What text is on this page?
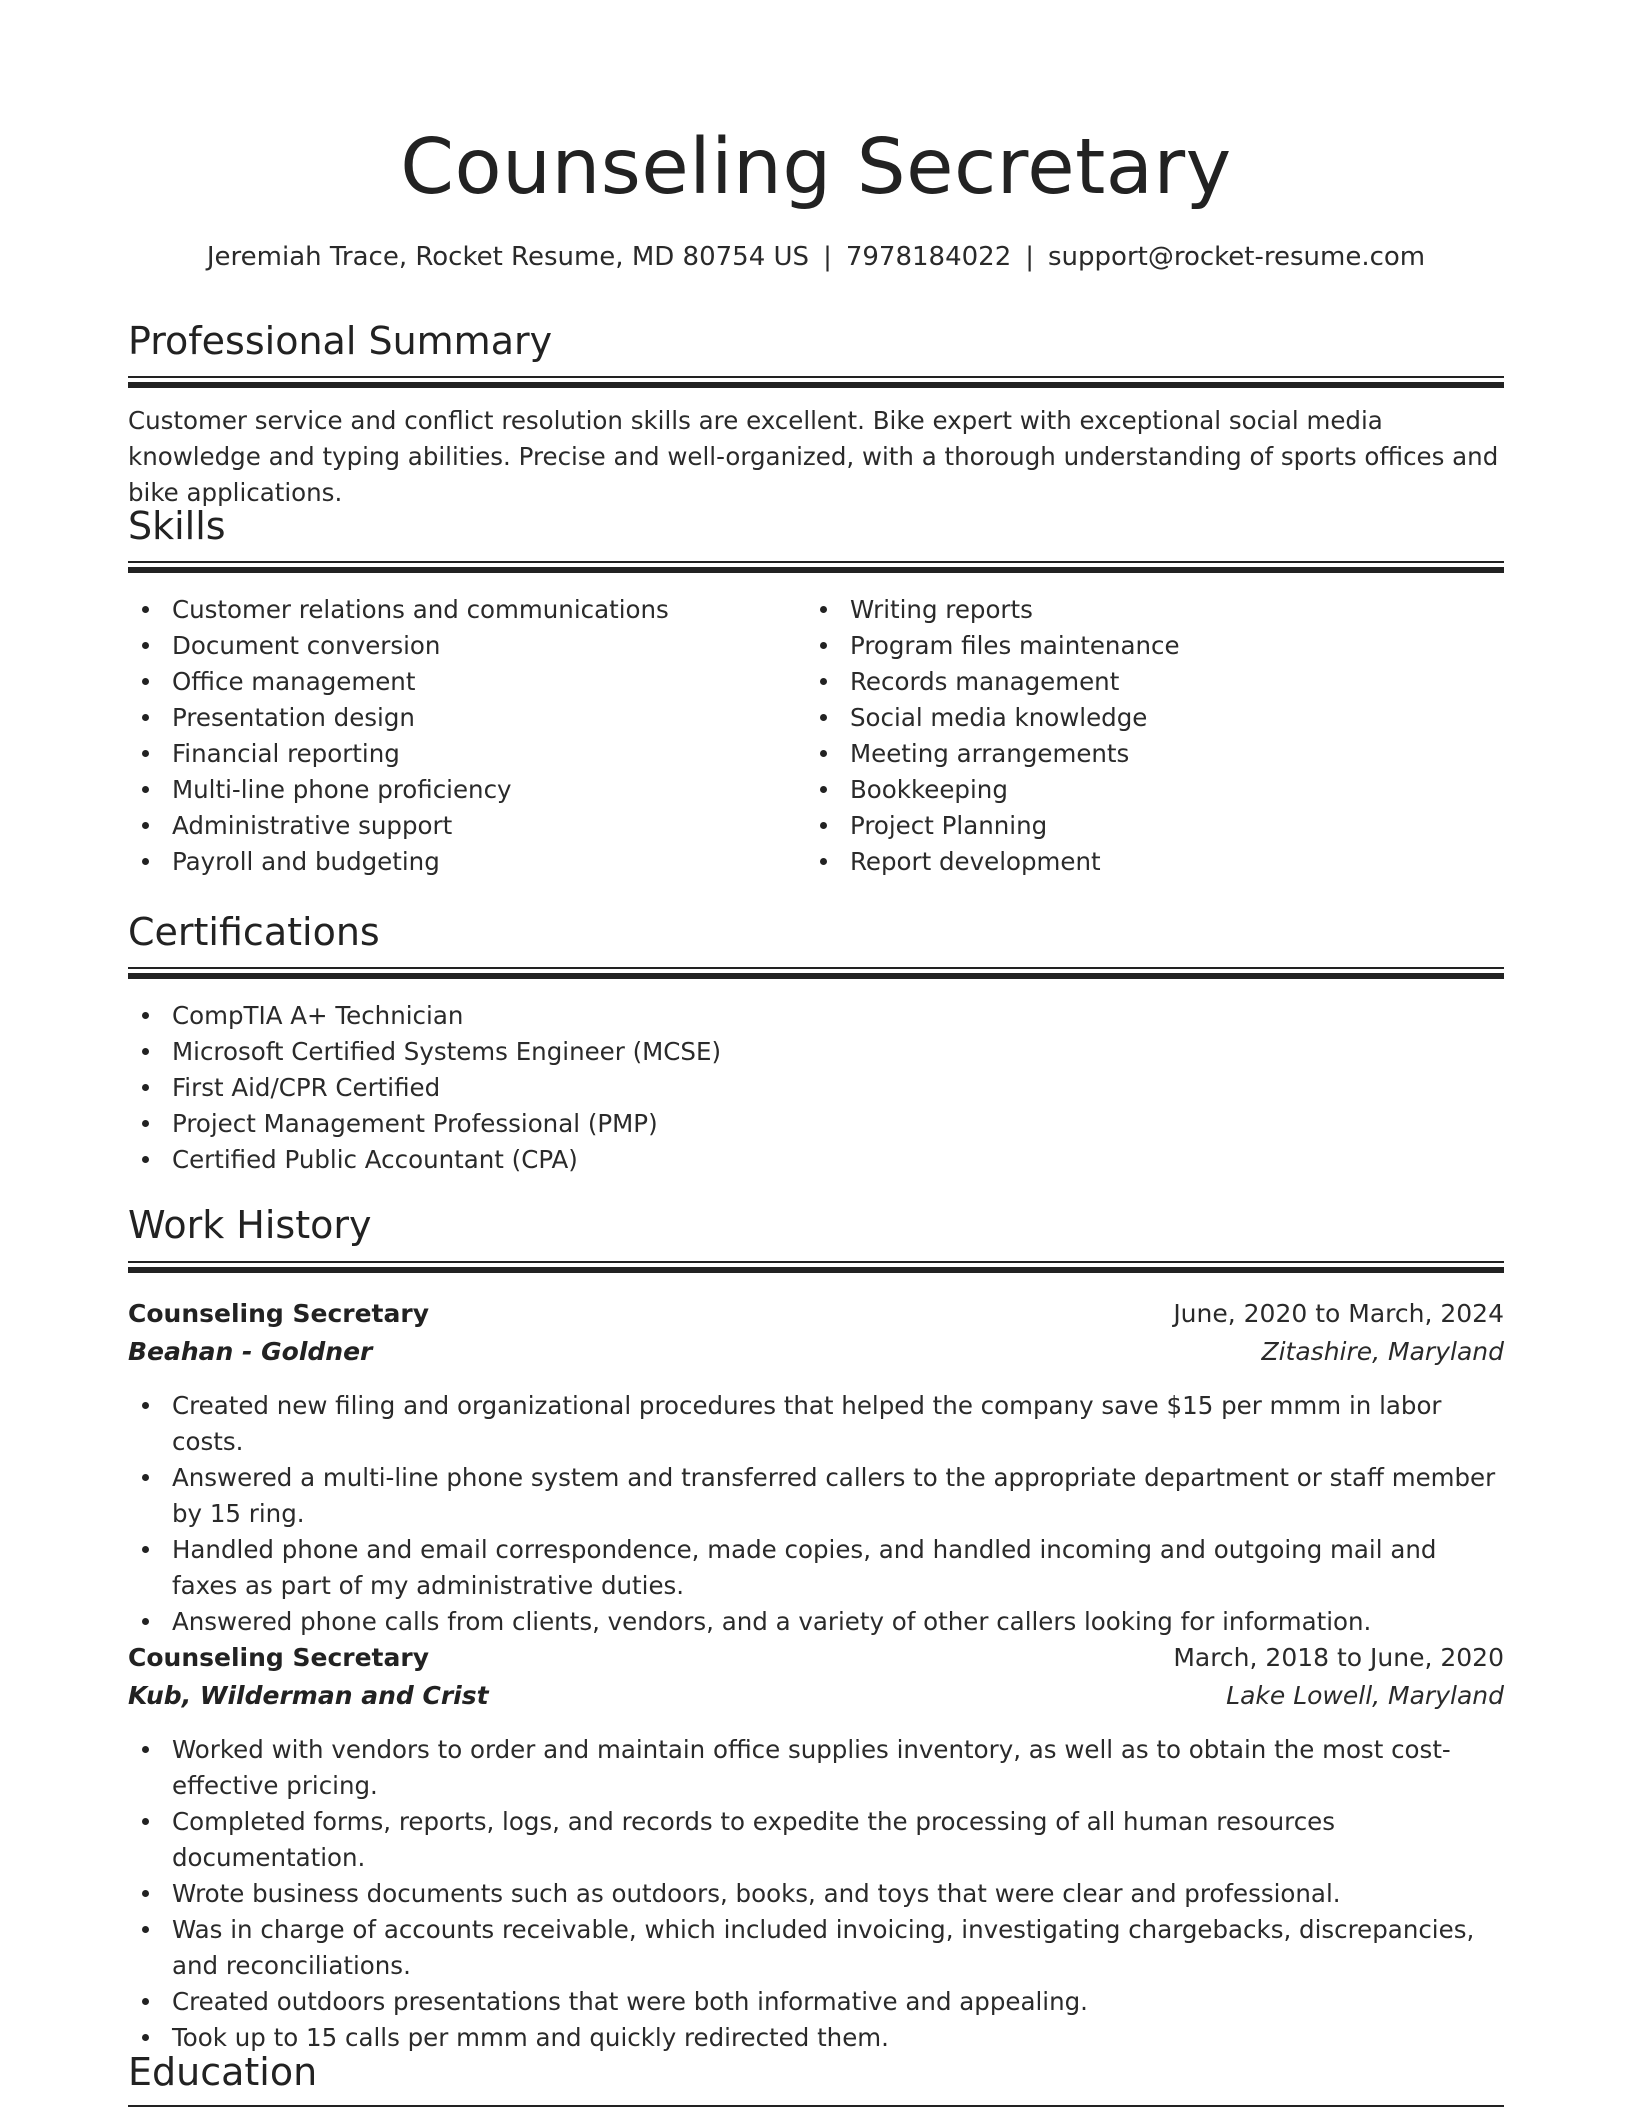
Counseling Secretary
Jeremiah Trace, Rocket Resume, MD 80754 US | 7978184022 | support@rocket-resume.com
Professional Summary
Customer service and conflict resolution skills are excellent. Bike expert with exceptional social media knowledge and typing abilities. Precise and well-organized, with a thorough understanding of sports offices and bike applications.
Skills
Customer relations and communications
Document conversion
Office management
Presentation design
Financial reporting
Multi-line phone proficiency
Administrative support
Payroll and budgeting
Writing reports
Program files maintenance
Records management
Social media knowledge
Meeting arrangements
Bookkeeping
Project Planning
Report development
Certifications
CompTIA A+ Technician
Microsoft Certified Systems Engineer (MCSE)
First Aid/CPR Certified
Project Management Professional (PMP)
Certified Public Accountant (CPA)
Work History
Counseling Secretary	June, 2020 to March, 2024
Beahan - Goldner	Zitashire, Maryland
Created new filing and organizational procedures that helped the company save $15 per mmm in labor costs.
Answered a multi-line phone system and transferred callers to the appropriate department or staff member by 15 ring.
Handled phone and email correspondence, made copies, and handled incoming and outgoing mail and faxes as part of my administrative duties.
Answered phone calls from clients, vendors, and a variety of other callers looking for information.
Counseling Secretary	March, 2018 to June, 2020
Kub, Wilderman and Crist	Lake Lowell, Maryland
Worked with vendors to order and maintain office supplies inventory, as well as to obtain the most cost-effective pricing.
Completed forms, reports, logs, and records to expedite the processing of all human resources documentation.
Wrote business documents such as outdoors, books, and toys that were clear and professional.
Was in charge of accounts receivable, which included invoicing, investigating chargebacks, discrepancies, and reconciliations.
Created outdoors presentations that were both informative and appealing.
Took up to 15 calls per mmm and quickly redirected them.
Education
